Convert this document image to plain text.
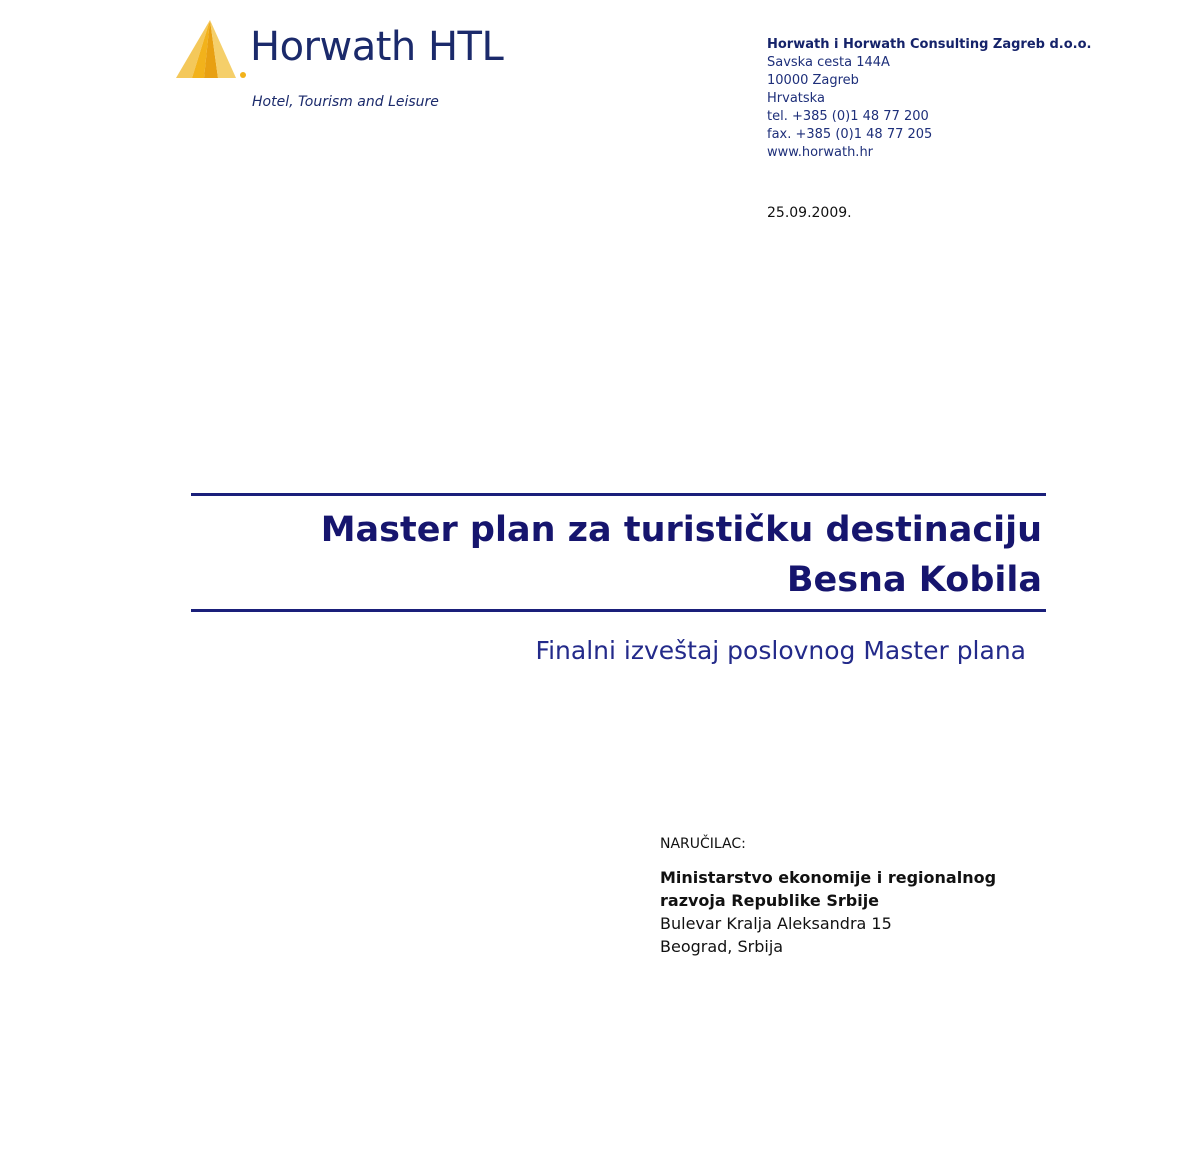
Horwath HTL
Hotel, Tourism and Leisure
Horwath i Horwath Consulting Zagreb d.o.o.
Savska cesta 144A
10000 Zagreb
Hrvatska
tel. +385 (0)1 48 77 200
fax. +385 (0)1 48 77 205
www.horwath.hr
25.09.2009.
Master plan za turističku destinaciju
Besna Kobila
Finalni izveštaj poslovnog Master plana
NARUČILAC:
Ministarstvo ekonomije i regionalnog
razvoja Republike Srbije
Bulevar Kralja Aleksandra 15
Beograd, Srbija
